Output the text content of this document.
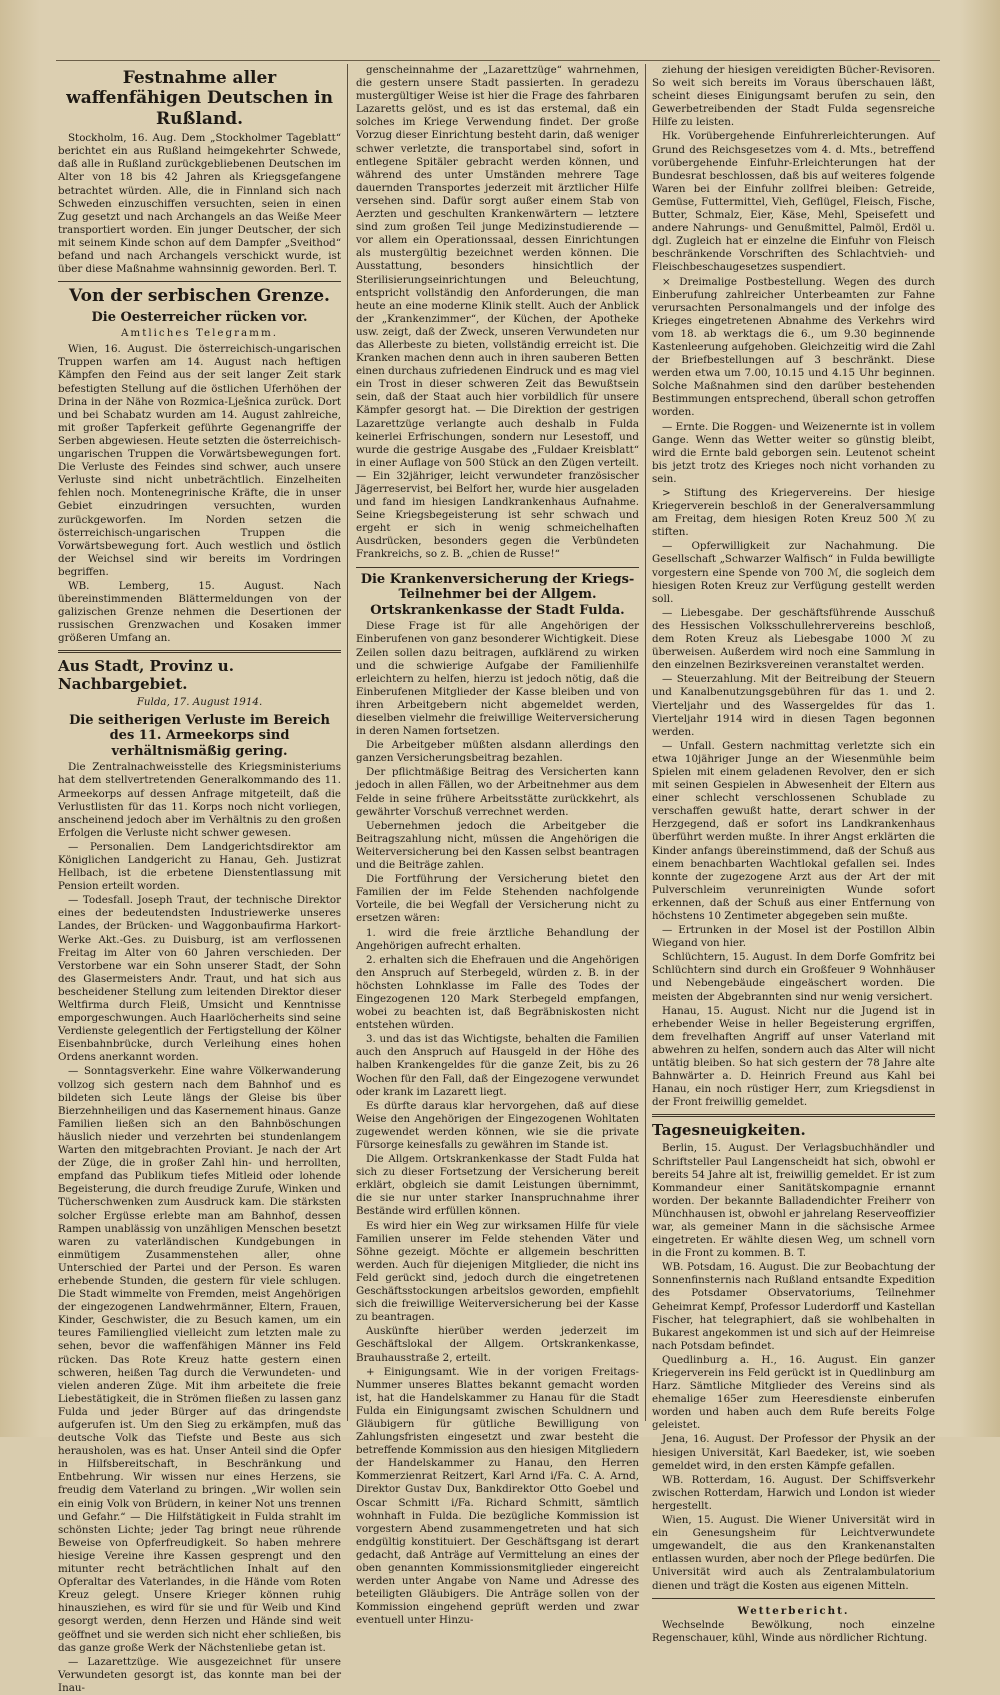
Festnahme aller waffenfähigen Deutschen in Rußland.

Stockholm, 16. Aug. Dem „Stockholmer Tageblatt“ berichtet ein aus Rußland heimgekehrter Schwede, daß alle in Rußland zurückgebliebenen Deutschen im Alter von 18 bis 42 Jahren als Kriegsgefangene betrachtet würden. Alle, die in Finnland sich nach Schweden einzuschiffen versuchten, seien in einen Zug gesetzt und nach Archangels an das Weiße Meer transportiert worden. Ein junger Deutscher, der sich mit seinem Kinde schon auf dem Dampfer „Sveithod“ befand und nach Archangels verschickt wurde, ist über diese Maßnahme wahnsinnig geworden. Berl. T.

Von der serbischen Grenze.
Die Oesterreicher rücken vor.

Amtliches Telegramm.

Wien, 16. August. Die österreichisch-ungarischen Truppen warfen am 14. August nach heftigen Kämpfen den Feind aus der seit langer Zeit stark befestigten Stellung auf die östlichen Uferhöhen der Drina in der Nähe von Rozmica-Lješnica zurück. Dort und bei Schabatz wurden am 14. August zahlreiche, mit großer Tapferkeit geführte Gegenangriffe der Serben abgewiesen. Heute setzten die österreichisch-ungarischen Truppen die Vorwärtsbewegungen fort. Die Verluste des Feindes sind schwer, auch unsere Verluste sind nicht unbeträchtlich. Einzelheiten fehlen noch. Montenegrinische Kräfte, die in unser Gebiet einzudringen versuchten, wurden zurückgeworfen. Im Norden setzen die österreichisch-ungarischen Truppen die Vorwärtsbewegung fort. Auch westlich und östlich der Weichsel sind wir bereits im Vordringen begriffen.

WB. Lemberg, 15. August. Nach übereinstimmenden Blättermeldungen von der galizischen Grenze nehmen die Desertionen der russischen Grenzwachen und Kosaken immer größeren Umfang an.

Aus Stadt, Provinz u. Nachbargebiet.

Fulda, 17. August 1914.

Die seitherigen Verluste im Bereich des 11. Armeekorps sind verhältnismäßig gering.

Die Zentralnachweisstelle des Kriegsministeriums hat dem stellvertretenden Generalkommando des 11. Armeekorps auf dessen Anfrage mitgeteilt, daß die Verlustlisten für das 11. Korps noch nicht vorliegen, anscheinend jedoch aber im Verhältnis zu den großen Erfolgen die Verluste nicht schwer gewesen.

— Personalien. Dem Landgerichtsdirektor am Königlichen Landgericht zu Hanau, Geh. Justizrat Hellbach, ist die erbetene Dienstentlassung mit Pension erteilt worden.

— Todesfall. Joseph Traut, der technische Direktor eines der bedeutendsten Industriewerke unseres Landes, der Brücken- und Waggonbaufirma Harkort-Werke Akt.-Ges. zu Duisburg, ist am verflossenen Freitag im Alter von 60 Jahren verschieden. Der Verstorbene war ein Sohn unserer Stadt, der Sohn des Glasermeisters Andr. Traut, und hat sich aus bescheidener Stellung zum leitenden Direktor dieser Weltfirma durch Fleiß, Umsicht und Kenntnisse emporgeschwungen. Auch Haarlöcherheits sind seine Verdienste gelegentlich der Fertigstellung der Kölner Eisenbahnbrücke, durch Verleihung eines hohen Ordens anerkannt worden.

— Sonntagsverkehr. Eine wahre Völkerwanderung vollzog sich gestern nach dem Bahnhof und es bildeten sich Leute längs der Gleise bis über Bierzehnheiligen und das Kasernement hinaus. Ganze Familien ließen sich an den Bahnböschungen häuslich nieder und verzehrten bei stundenlangem Warten den mitgebrachten Proviant. Je nach der Art der Züge, die in großer Zahl hin- und herrollten, empfand das Publikum tiefes Mitleid oder lohende Begeisterung, die durch freudige Zurufe, Winken und Tücherschwenken zum Ausdruck kam. Die stärksten solcher Ergüsse erlebte man am Bahnhof, dessen Rampen unablässig von unzähligen Menschen besetzt waren zu vaterländischen Kundgebungen in einmütigem Zusammenstehen aller, ohne Unterschied der Partei und der Person. Es waren erhebende Stunden, die gestern für viele schlugen. Die Stadt wimmelte von Fremden, meist Angehörigen der eingezogenen Landwehrmänner, Eltern, Frauen, Kinder, Geschwister, die zu Besuch kamen, um ein teures Familienglied vielleicht zum letzten male zu sehen, bevor die waffenfähigen Männer ins Feld rücken. Das Rote Kreuz hatte gestern einen schweren, heißen Tag durch die Verwundeten- und vielen anderen Züge. Mit ihm arbeitete die freie Liebestätigkeit, die in Strömen fließen zu lassen ganz Fulda und jeder Bürger auf das dringendste aufgerufen ist. Um den Sieg zu erkämpfen, muß das deutsche Volk das Tiefste und Beste aus sich herausholen, was es hat. Unser Anteil sind die Opfer in Hilfsbereitschaft, in Beschränkung und Entbehrung. Wir wissen nur eines Herzens, sie freudig dem Vaterland zu bringen. „Wir wollen sein ein einig Volk von Brüdern, in keiner Not uns trennen und Gefahr.“ — Die Hilfstätigkeit in Fulda strahlt im schönsten Lichte; jeder Tag bringt neue rührende Beweise von Opferfreudigkeit. So haben mehrere hiesige Vereine ihre Kassen gesprengt und den mitunter recht beträchtlichen Inhalt auf den Opferaltar des Vaterlandes, in die Hände vom Roten Kreuz gelegt. Unsere Krieger können ruhig hinausziehen, es wird für sie und für Weib und Kind gesorgt werden, denn Herzen und Hände sind weit geöffnet und sie werden sich nicht eher schließen, bis das ganze große Werk der Nächstenliebe getan ist.

— Lazarettzüge. Wie ausgezeichnet für unsere Verwundeten gesorgt ist, das konnte man bei der Inau-

genscheinnahme der „Lazarettzüge“ wahrnehmen, die gestern unsere Stadt passierten. In geradezu mustergültiger Weise ist hier die Frage des fahrbaren Lazaretts gelöst, und es ist das erstemal, daß ein solches im Kriege Verwendung findet. Der große Vorzug dieser Einrichtung besteht darin, daß weniger schwer verletzte, die transportabel sind, sofort in entlegene Spitäler gebracht werden können, und während des unter Umständen mehrere Tage dauernden Transportes jederzeit mit ärztlicher Hilfe versehen sind. Dafür sorgt außer einem Stab von Aerzten und geschulten Krankenwärtern — letztere sind zum großen Teil junge Medizinstudierende — vor allem ein Operationssaal, dessen Einrichtungen als mustergültig bezeichnet werden können. Die Ausstattung, besonders hinsichtlich der Sterilisierungseinrichtungen und Beleuchtung, entspricht vollständig den Anforderungen, die man heute an eine moderne Klinik stellt. Auch der Anblick der „Krankenzimmer“, der Küchen, der Apotheke usw. zeigt, daß der Zweck, unseren Verwundeten nur das Allerbeste zu bieten, vollständig erreicht ist. Die Kranken machen denn auch in ihren sauberen Betten einen durchaus zufriedenen Eindruck und es mag viel ein Trost in dieser schweren Zeit das Bewußtsein sein, daß der Staat auch hier vorbildlich für unsere Kämpfer gesorgt hat. — Die Direktion der gestrigen Lazarettzüge verlangte auch deshalb in Fulda keinerlei Erfrischungen, sondern nur Lesestoff, und wurde die gestrige Ausgabe des „Fuldaer Kreisblatt“ in einer Auflage von 500 Stück an den Zügen verteilt. — Ein 32jähriger, leicht verwundeter französischer Jägerreservist, bei Belfort her, wurde hier ausgeladen und fand im hiesigen Landkrankenhaus Aufnahme. Seine Kriegsbegeisterung ist sehr schwach und ergeht er sich in wenig schmeichelhaften Ausdrücken, besonders gegen die Verbündeten Frankreichs, so z. B. „chien de Russe!“

Die Krankenversicherung der Kriegs-Teilnehmer bei der Allgem. Ortskrankenkasse der Stadt Fulda.

Diese Frage ist für alle Angehörigen der Einberufenen von ganz besonderer Wichtigkeit. Diese Zeilen sollen dazu beitragen, aufklärend zu wirken und die schwierige Aufgabe der Familienhilfe erleichtern zu helfen, hierzu ist jedoch nötig, daß die Einberufenen Mitglieder der Kasse bleiben und von ihren Arbeitgebern nicht abgemeldet werden, dieselben vielmehr die freiwillige Weiterversicherung in deren Namen fortsetzen.

Die Arbeitgeber müßten alsdann allerdings den ganzen Versicherungsbeitrag bezahlen.

Der pflichtmäßige Beitrag des Versicherten kann jedoch in allen Fällen, wo der Arbeitnehmer aus dem Felde in seine frühere Arbeitsstätte zurückkehrt, als gewährter Vorschuß verrechnet werden.

Uebernehmen jedoch die Arbeitgeber die Beitragszahlung nicht, müssen die Angehörigen die Weiterversicherung bei den Kassen selbst beantragen und die Beiträge zahlen.

Die Fortführung der Versicherung bietet den Familien der im Felde Stehenden nachfolgende Vorteile, die bei Wegfall der Versicherung nicht zu ersetzen wären:

1. wird die freie ärztliche Behandlung der Angehörigen aufrecht erhalten.

2. erhalten sich die Ehefrauen und die Angehörigen den Anspruch auf Sterbegeld, würden z. B. in der höchsten Lohnklasse im Falle des Todes der Eingezogenen 120 Mark Sterbegeld empfangen, wobei zu beachten ist, daß Begräbniskosten nicht entstehen würden.

3. und das ist das Wichtigste, behalten die Familien auch den Anspruch auf Hausgeld in der Höhe des halben Krankengeldes für die ganze Zeit, bis zu 26 Wochen für den Fall, daß der Eingezogene verwundet oder krank im Lazarett liegt.

Es dürfte daraus klar hervorgehen, daß auf diese Weise den Angehörigen der Eingezogenen Wohltaten zugewendet werden können, wie sie die private Fürsorge keinesfalls zu gewähren im Stande ist.

Die Allgem. Ortskrankenkasse der Stadt Fulda hat sich zu dieser Fortsetzung der Versicherung bereit erklärt, obgleich sie damit Leistungen übernimmt, die sie nur unter starker Inanspruchnahme ihrer Bestände wird erfüllen können.

Es wird hier ein Weg zur wirksamen Hilfe für viele Familien unserer im Felde stehenden Väter und Söhne gezeigt. Möchte er allgemein beschritten werden. Auch für diejenigen Mitglieder, die nicht ins Feld gerückt sind, jedoch durch die eingetretenen Geschäftsstockungen arbeitslos geworden, empfiehlt sich die freiwillige Weiterversicherung bei der Kasse zu beantragen.

Auskünfte hierüber werden jederzeit im Geschäftslokal der Allgem. Ortskrankenkasse, Brauhausstraße 2, erteilt.

+ Einigungsamt. Wie in der vorigen Freitags-Nummer unseres Blattes bekannt gemacht worden ist, hat die Handelskammer zu Hanau für die Stadt Fulda ein Einigungsamt zwischen Schuldnern und Gläubigern für gütliche Bewilligung von Zahlungsfristen eingesetzt und zwar besteht die betreffende Kommission aus den hiesigen Mitgliedern der Handelskammer zu Hanau, den Herren Kommerzienrat Reitzert, Karl Arnd i/Fa. C. A. Arnd, Direktor Gustav Dux, Bankdirektor Otto Goebel und Oscar Schmitt i/Fa. Richard Schmitt, sämtlich wohnhaft in Fulda. Die bezügliche Kommission ist vorgestern Abend zusammengetreten und hat sich endgültig konstituiert. Der Geschäftsgang ist derart gedacht, daß Anträge auf Vermittelung an eines der oben genannten Kommissionsmitglieder eingereicht werden unter Angabe von Name und Adresse des beteiligten Gläubigers. Die Anträge sollen von der Kommission eingehend geprüft werden und zwar eventuell unter Hinzu-

ziehung der hiesigen vereidigten Bücher-Revisoren. So weit sich bereits im Voraus überschauen läßt, scheint dieses Einigungsamt berufen zu sein, den Gewerbetreibenden der Stadt Fulda segensreiche Hilfe zu leisten.

Hk. Vorübergehende Einfuhrerleichterungen. Auf Grund des Reichsgesetzes vom 4. d. Mts., betreffend vorübergehende Einfuhr-Erleichterungen hat der Bundesrat beschlossen, daß bis auf weiteres folgende Waren bei der Einfuhr zollfrei bleiben: Getreide, Gemüse, Futtermittel, Vieh, Geflügel, Fleisch, Fische, Butter, Schmalz, Eier, Käse, Mehl, Speisefett und andere Nahrungs- und Genußmittel, Palmöl, Erdöl u. dgl. Zugleich hat er einzelne die Einfuhr von Fleisch beschränkende Vorschriften des Schlachtvieh- und Fleischbeschaugesetzes suspendiert.

× Dreimalige Postbestellung. Wegen des durch Einberufung zahlreicher Unterbeamten zur Fahne verursachten Personalmangels und der infolge des Krieges eingetretenen Abnahme des Verkehrs wird vom 18. ab werktags die 6., um 9.30 beginnende Kastenleerung aufgehoben. Gleichzeitig wird die Zahl der Briefbestellungen auf 3 beschränkt. Diese werden etwa um 7.00, 10.15 und 4.15 Uhr beginnen. Solche Maßnahmen sind den darüber bestehenden Bestimmungen entsprechend, überall schon getroffen worden.

— Ernte. Die Roggen- und Weizenernte ist in vollem Gange. Wenn das Wetter weiter so günstig bleibt, wird die Ernte bald geborgen sein. Leutenot scheint bis jetzt trotz des Krieges noch nicht vorhanden zu sein.

> Stiftung des Kriegervereins. Der hiesige Kriegerverein beschloß in der Generalversammlung am Freitag, dem hiesigen Roten Kreuz 500 ℳ zu stiften.

— Opferwilligkeit zur Nachahmung. Die Gesellschaft „Schwarzer Walfisch“ in Fulda bewilligte vorgestern eine Spende von 700 ℳ, die sogleich dem hiesigen Roten Kreuz zur Verfügung gestellt werden soll.

— Liebesgabe. Der geschäftsführende Ausschuß des Hessischen Volksschullehrervereins beschloß, dem Roten Kreuz als Liebesgabe 1000 ℳ zu überweisen. Außerdem wird noch eine Sammlung in den einzelnen Bezirksvereinen veranstaltet werden.

— Steuerzahlung. Mit der Beitreibung der Steuern und Kanalbenutzungsgebühren für das 1. und 2. Vierteljahr und des Wassergeldes für das 1. Vierteljahr 1914 wird in diesen Tagen begonnen werden.

— Unfall. Gestern nachmittag verletzte sich ein etwa 10jähriger Junge an der Wiesenmühle beim Spielen mit einem geladenen Revolver, den er sich mit seinen Gespielen in Abwesenheit der Eltern aus einer schlecht verschlossenen Schublade zu verschaffen gewußt hatte, derart schwer in der Herzgegend, daß er sofort ins Landkrankenhaus überführt werden mußte. In ihrer Angst erklärten die Kinder anfangs übereinstimmend, daß der Schuß aus einem benachbarten Wachtlokal gefallen sei. Indes konnte der zugezogene Arzt aus der Art der mit Pulverschleim verunreinigten Wunde sofort erkennen, daß der Schuß aus einer Entfernung von höchstens 10 Zentimeter abgegeben sein mußte.

— Ertrunken in der Mosel ist der Postillon Albin Wiegand von hier.

Schlüchtern, 15. August. In dem Dorfe Gomfritz bei Schlüchtern sind durch ein Großfeuer 9 Wohnhäuser und Nebengebäude eingeäschert worden. Die meisten der Abgebrannten sind nur wenig versichert.

Hanau, 15. August. Nicht nur die Jugend ist in erhebender Weise in heller Begeisterung ergriffen, dem frevelhaften Angriff auf unser Vaterland mit abwehren zu helfen, sondern auch das Alter will nicht untätig bleiben. So hat sich gestern der 78 Jahre alte Bahnwärter a. D. Heinrich Freund aus Kahl bei Hanau, ein noch rüstiger Herr, zum Kriegsdienst in der Front freiwillig gemeldet.

Tagesneuigkeiten.

Berlin, 15. August. Der Verlagsbuchhändler und Schriftsteller Paul Langenscheidt hat sich, obwohl er bereits 54 Jahre alt ist, freiwillig gemeldet. Er ist zum Kommandeur einer Sanitätskompagnie ernannt worden. Der bekannte Balladendichter Freiherr von Münchhausen ist, obwohl er jahrelang Reserveoffizier war, als gemeiner Mann in die sächsische Armee eingetreten. Er wählte diesen Weg, um schnell vorn in die Front zu kommen. B. T.

WB. Potsdam, 16. August. Die zur Beobachtung der Sonnenfinsternis nach Rußland entsandte Expedition des Potsdamer Observatoriums, Teilnehmer Geheimrat Kempf, Professor Luderdorff und Kastellan Fischer, hat telegraphiert, daß sie wohlbehalten in Bukarest angekommen ist und sich auf der Heimreise nach Potsdam befindet.

Quedlinburg a. H., 16. August. Ein ganzer Kriegerverein ins Feld gerückt ist in Quedlinburg am Harz. Sämtliche Mitglieder des Vereins sind als ehemalige 165er zum Heeresdienste einberufen worden und haben auch dem Rufe bereits Folge geleistet.

Jena, 16. August. Der Professor der Physik an der hiesigen Universität, Karl Baedeker, ist, wie soeben gemeldet wird, in den ersten Kämpfe gefallen.

WB. Rotterdam, 16. August. Der Schiffsverkehr zwischen Rotterdam, Harwich und London ist wieder hergestellt.

Wien, 15. August. Die Wiener Universität wird in ein Genesungsheim für Leichtverwundete umgewandelt, die aus den Krankenanstalten entlassen wurden, aber noch der Pflege bedürfen. Die Universität wird auch als Zentralambulatorium dienen und trägt die Kosten aus eigenen Mitteln.

Wetterbericht.

Wechselnde Bewölkung, noch einzelne Regenschauer, kühl, Winde aus nördlicher Richtung.
